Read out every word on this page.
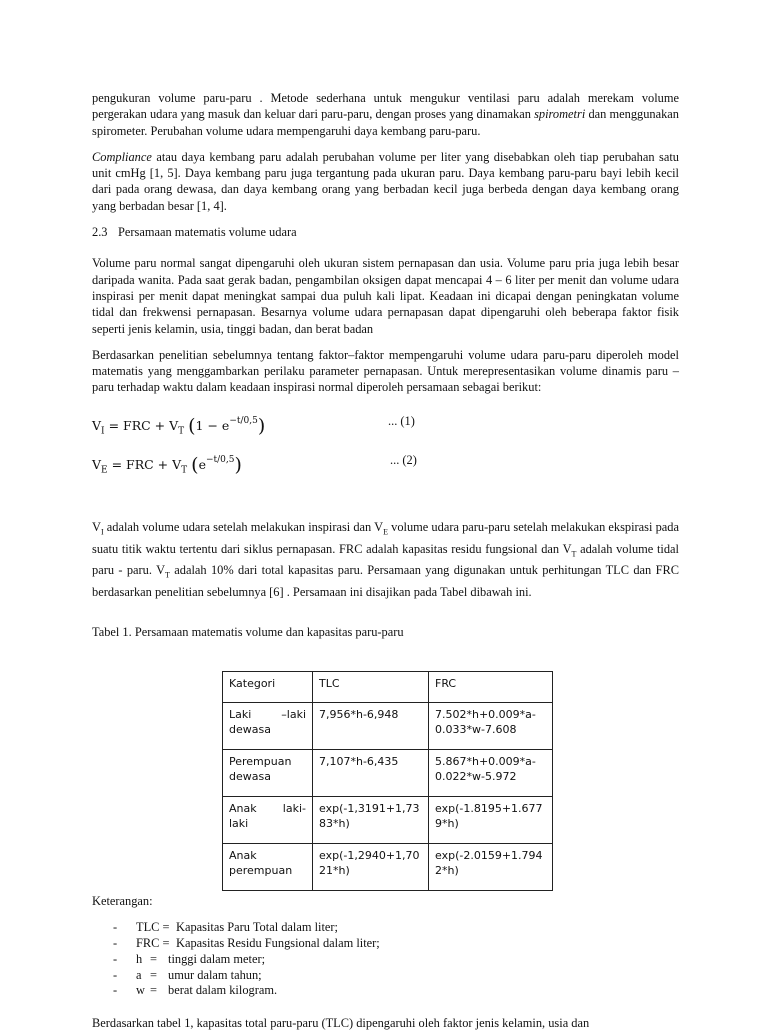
pengukuran volume paru-paru . Metode sederhana untuk mengukur ventilasi paru adalah merekam volume pergerakan udara yang masuk dan keluar dari paru-paru, dengan proses yang dinamakan spirometri dan menggunakan spirometer. Perubahan volume udara mempengaruhi daya kembang paru-paru.

Compliance atau daya kembang paru adalah perubahan volume per liter yang disebabkan oleh tiap perubahan satu unit cmHg [1, 5]. Daya kembang paru juga tergantung pada ukuran paru. Daya kembang paru-paru bayi lebih kecil dari pada orang dewasa, dan daya kembang orang yang berbadan kecil juga berbeda dengan daya kembang orang yang berbadan besar [1, 4].

2.3 Persamaan matematis volume udara

Volume paru normal sangat dipengaruhi oleh ukuran sistem pernapasan dan usia. Volume paru pria juga lebih besar daripada wanita. Pada saat gerak badan, pengambilan oksigen dapat mencapai 4 – 6 liter per menit dan volume udara inspirasi per menit dapat meningkat sampai dua puluh kali lipat. Keadaan ini dicapai dengan peningkatan volume tidal dan frekwensi pernapasan. Besarnya volume udara pernapasan dapat dipengaruhi oleh beberapa faktor fisik seperti jenis kelamin, usia, tinggi badan, dan berat badan

Berdasarkan penelitian sebelumnya tentang faktor–faktor mempengaruhi volume udara paru-paru diperoleh model matematis yang menggambarkan perilaku parameter pernapasan. Untuk merepresentasikan volume dinamis paru – paru terhadap waktu dalam keadaan inspirasi normal diperoleh persamaan sebagai berikut:

$V_I$ = FRC + $V_T$ $(1 - e^{-t/0,5})$	... (1)
$V_E$ = FRC + $V_T$ $(e^{-t/0,5})$	... (2)

$V_I$ adalah volume udara setelah melakukan inspirasi dan $V_E$ volume udara paru-paru setelah melakukan ekspirasi pada suatu titik waktu tertentu dari siklus pernapasan. FRC adalah kapasitas residu fungsional dan $V_T$ adalah volume tidal paru - paru. $V_T$ adalah 10% dari total kapasitas paru. Persamaan yang digunakan untuk perhitungan TLC dan FRC berdasarkan penelitian sebelumnya [6] . Persamaan ini disajikan pada Tabel dibawah ini.

Tabel 1. Persamaan matematis volume dan kapasitas paru-paru

Kategori	TLC	FRC

Laki –laki
dewasa	7,956*h-6,948	7.502*h+0.009*a-0.033*w-7.608

Perempuan
dewasa	7,107*h-6,435	5.867*h+0.009*a-0.022*w-5.972

Anak laki-
laki	exp(-1,3191+1,7383*h)	exp(-1.8195+1.6779*h)

Anak
perempuan	exp(-1,2940+1,7021*h)	exp(-2.0159+1.7942*h)

Keterangan:

- TLC = Kapasitas Paru Total dalam liter;
- FRC = Kapasitas Residu Fungsional dalam liter;
- h = tinggi dalam meter;
- a = umur dalam tahun;
- w = berat dalam kilogram.
Berdasarkan tabel 1, kapasitas total paru-paru (TLC) dipengaruhi oleh faktor jenis kelamin, usia dan
